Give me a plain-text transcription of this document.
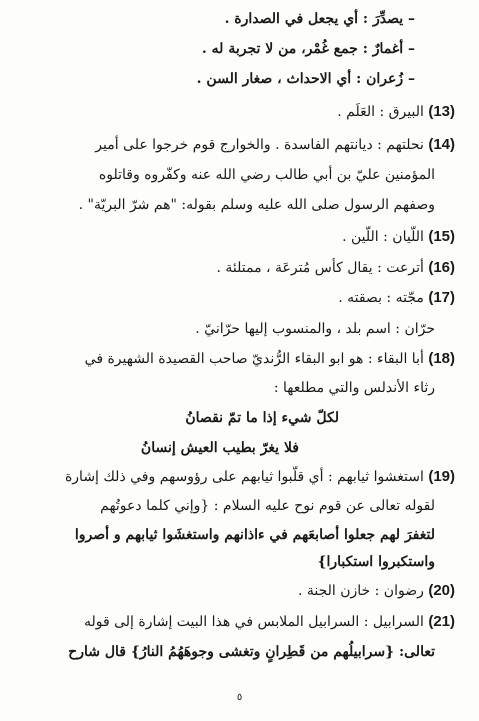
– يصدِّرَ : أي يجعل في الصدارة .
– أغمارٌ : جمع غُمْر، من لا تجربة له .
– زُعران : أي الاحداث ، صغار السن .
(13) البيرق : العَلَم .
(14) نحلتهم : ديانتهم الفاسدة . والخوارج قوم خرجوا على أمير
المؤمنين عليّ بن أبي طالب رضي الله عنه وكفّروه وقاتلوه
وصفهم الرسول صلى الله عليه وسلم بقوله: "هم شرّ البريّة" .
(15) اللّيان : اللّين .
(16) أترعت : يقال كأس مُترعَة ، ممتلئة .
(17) مجّته : بصقته .
حرّان : اسم بلد ، والمنسوب إليها حرّانيّ .
(18) أبا البقاء : هو ابو البقاء الرُّنديّ صاحب القصيدة الشهيرة في
رثاء الأندلس والتي مطلعها :
لكلّ شيء إذا ما تمّ نقصانُ
فلا يغرّ بطيب العيش إنسانُ
(19) استغشوا ثيابهم : أي قلّبوا ثيابهم على رؤوسهم وفي ذلك إشارة
لقوله تعالى عن قوم نوح عليه السلام : {وإني كلما دعوتُهم
لتغفرَ لهم جعلوا أصابعَهم في ءاذانهم واستغشَوا ثيابهم و أصروا
واستكبروا استكبارا}
(20) رضوان : خازن الجنة .
(21) السرابيل : السرابيل الملابس في هذا البيت إشارة إلى قوله
تعالى: {سرابيلُهم من قَطِرانٍ وتغشى وجوهَهُمُ النارُ} قال شارح
٥
